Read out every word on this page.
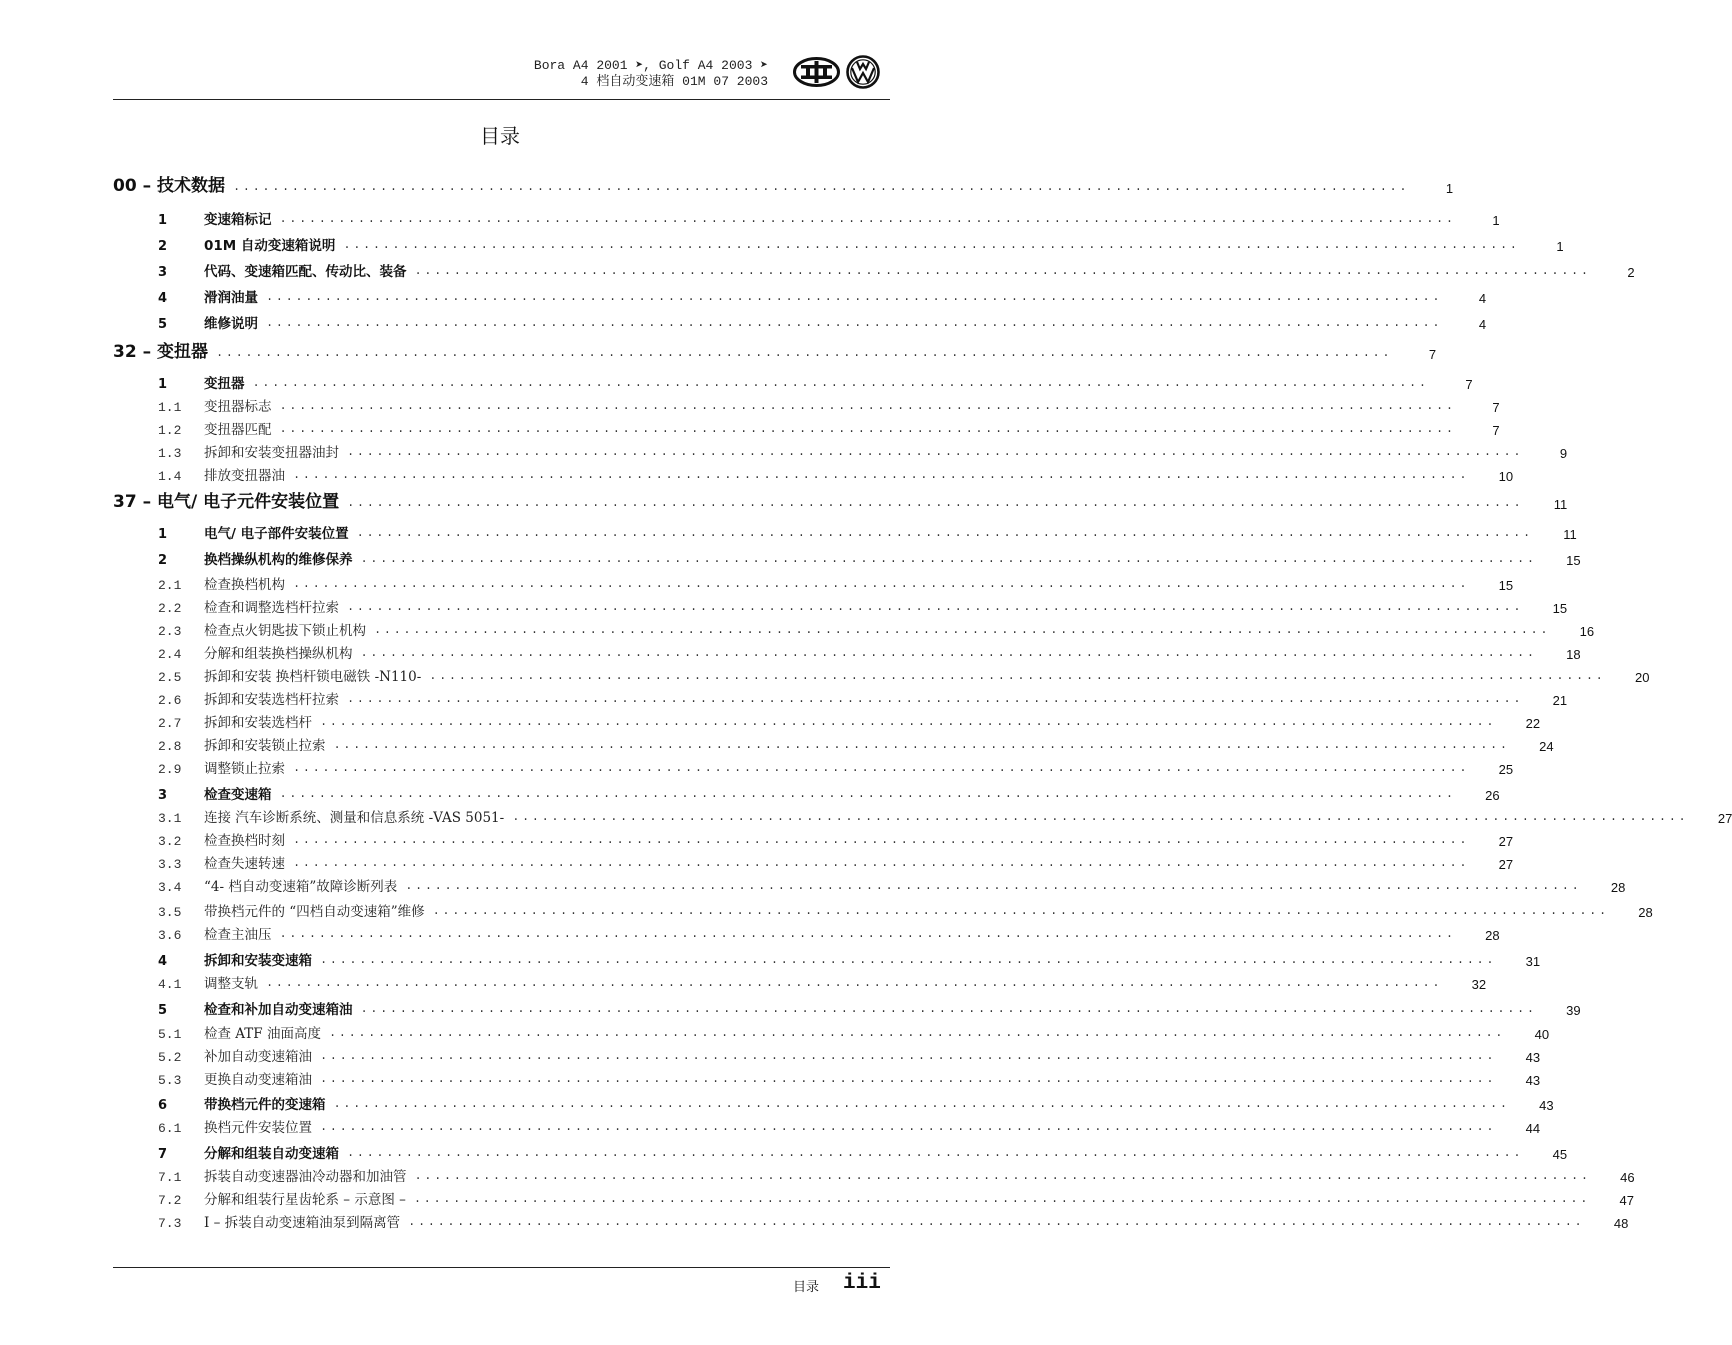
Bora A4 2001 ➤, Golf A4 2003 ➤
4 档自动变速箱 01M 07 2003
目录
00 – 技术数据 ........................................................................................................................	1
1	变速箱标记 ........................................................................................................................	1
2	01M 自动变速箱说明 ........................................................................................................................	1
3	代码、变速箱匹配、传动比、装备 ........................................................................................................................	2
4	滑润油量 ........................................................................................................................	4
5	维修说明 ........................................................................................................................	4
32 – 变扭器 ........................................................................................................................	7
1	变扭器 ........................................................................................................................	7
1.1	变扭器标志 ........................................................................................................................	7
1.2	变扭器匹配 ........................................................................................................................	7
1.3	拆卸和安装变扭器油封 ........................................................................................................................	9
1.4	排放变扭器油 ........................................................................................................................	10
37 – 电气/ 电子元件安装位置 ........................................................................................................................	11
1	电气/ 电子部件安装位置 ........................................................................................................................	11
2	换档操纵机构的维修保养 ........................................................................................................................	15
2.1	检查换档机构 ........................................................................................................................	15
2.2	检查和调整选档杆拉索 ........................................................................................................................	15
2.3	检查点火钥匙拔下锁止机构 ........................................................................................................................	16
2.4	分解和组装换档操纵机构 ........................................................................................................................	18
2.5	拆卸和安装 换档杆锁电磁铁 -N110- ........................................................................................................................	20
2.6	拆卸和安装选档杆拉索 ........................................................................................................................	21
2.7	拆卸和安装选档杆 ........................................................................................................................	22
2.8	拆卸和安装锁止拉索 ........................................................................................................................	24
2.9	调整锁止拉索 ........................................................................................................................	25
3	检查变速箱 ........................................................................................................................	26
3.1	连接 汽车诊断系统、测量和信息系统 -VAS 5051- ........................................................................................................................	27
3.2	检查换档时刻 ........................................................................................................................	27
3.3	检查失速转速 ........................................................................................................................	27
3.4	“4- 档自动变速箱”故障诊断列表 ........................................................................................................................	28
3.5	带换档元件的 “四档自动变速箱”维修 ........................................................................................................................	28
3.6	检查主油压 ........................................................................................................................	28
4	拆卸和安装变速箱 ........................................................................................................................	31
4.1	调整支轨 ........................................................................................................................	32
5	检查和补加自动变速箱油 ........................................................................................................................	39
5.1	检查 ATF 油面高度 ........................................................................................................................	40
5.2	补加自动变速箱油 ........................................................................................................................	43
5.3	更换自动变速箱油 ........................................................................................................................	43
6	带换档元件的变速箱 ........................................................................................................................	43
6.1	换档元件安装位置 ........................................................................................................................	44
7	分解和组装自动变速箱 ........................................................................................................................	45
7.1	拆装自动变速器油冷动器和加油管 ........................................................................................................................	46
7.2	分解和组装行星齿轮系 – 示意图 – ........................................................................................................................	47
7.3	Ⅰ – 拆装自动变速箱油泵到隔离管 ........................................................................................................................	48
目录 iii
